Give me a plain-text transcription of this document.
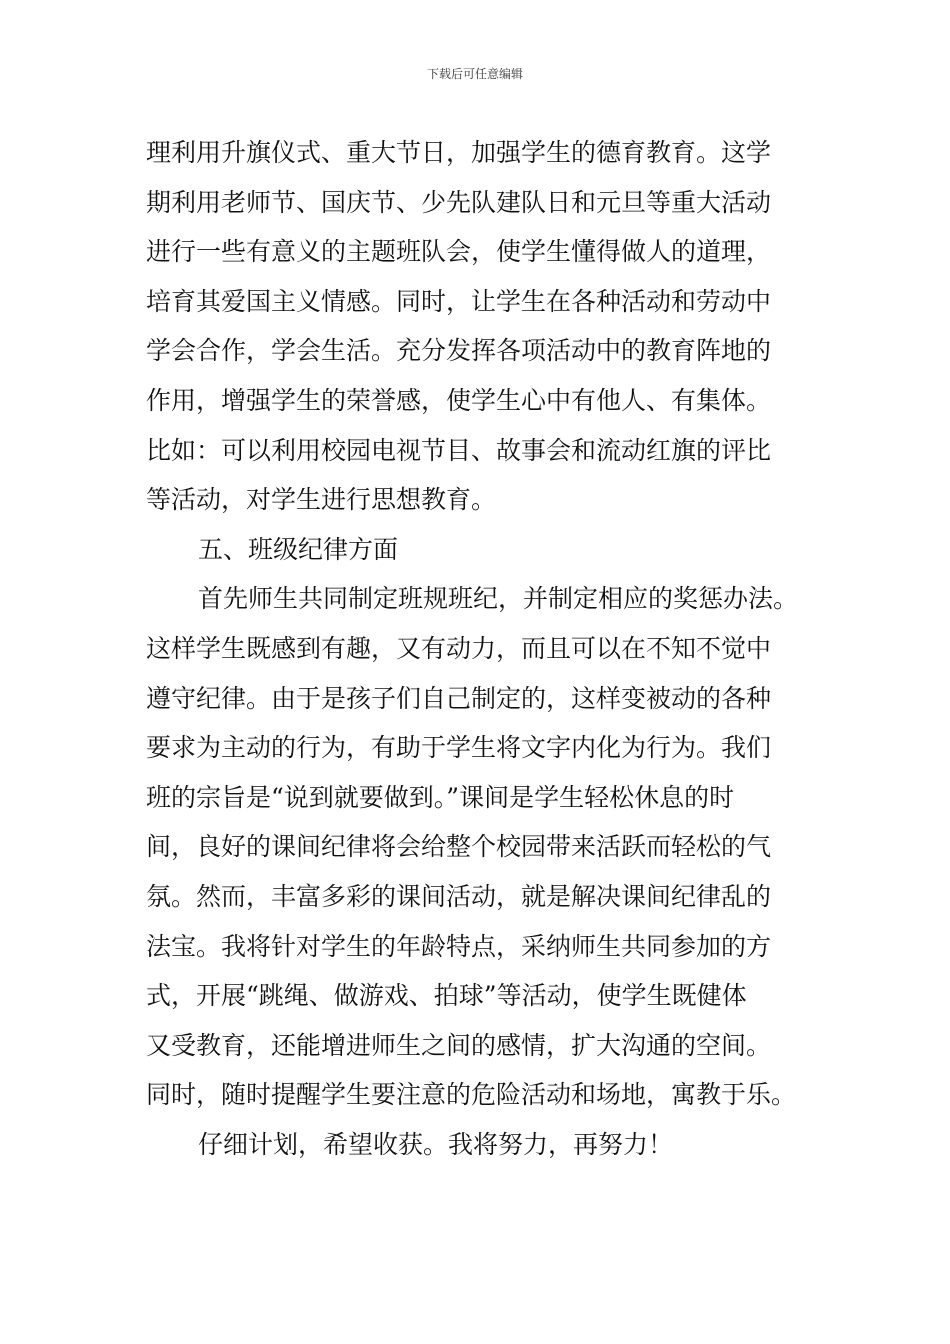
下载后可任意编辑
理利用升旗仪式、重大节日，加强学生的德育教育。这学
期利用老师节、国庆节、少先队建队日和元旦等重大活动
进行一些有意义的主题班队会，使学生懂得做人的道理，
培育其爱国主义情感。同时，让学生在各种活动和劳动中
学会合作，学会生活。充分发挥各项活动中的教育阵地的
作用，增强学生的荣誉感，使学生心中有他人、有集体。
比如：可以利用校园电视节目、故事会和流动红旗的评比
等活动，对学生进行思想教育。
五、班级纪律方面
首先师生共同制定班规班纪，并制定相应的奖惩办法。
这样学生既感到有趣，又有动力，而且可以在不知不觉中
遵守纪律。由于是孩子们自己制定的，这样变被动的各种
要求为主动的行为，有助于学生将文字内化为行为。我们
班的宗旨是“说到就要做到。”课间是学生轻松休息的时
间，良好的课间纪律将会给整个校园带来活跃而轻松的气
氛。然而，丰富多彩的课间活动，就是解决课间纪律乱的
法宝。我将针对学生的年龄特点，采纳师生共同参加的方
式，开展“跳绳、做游戏、拍球”等活动，使学生既健体
又受教育，还能增进师生之间的感情，扩大沟通的空间。
同时，随时提醒学生要注意的危险活动和场地，寓教于乐。
仔细计划，希望收获。我将努力，再努力！
